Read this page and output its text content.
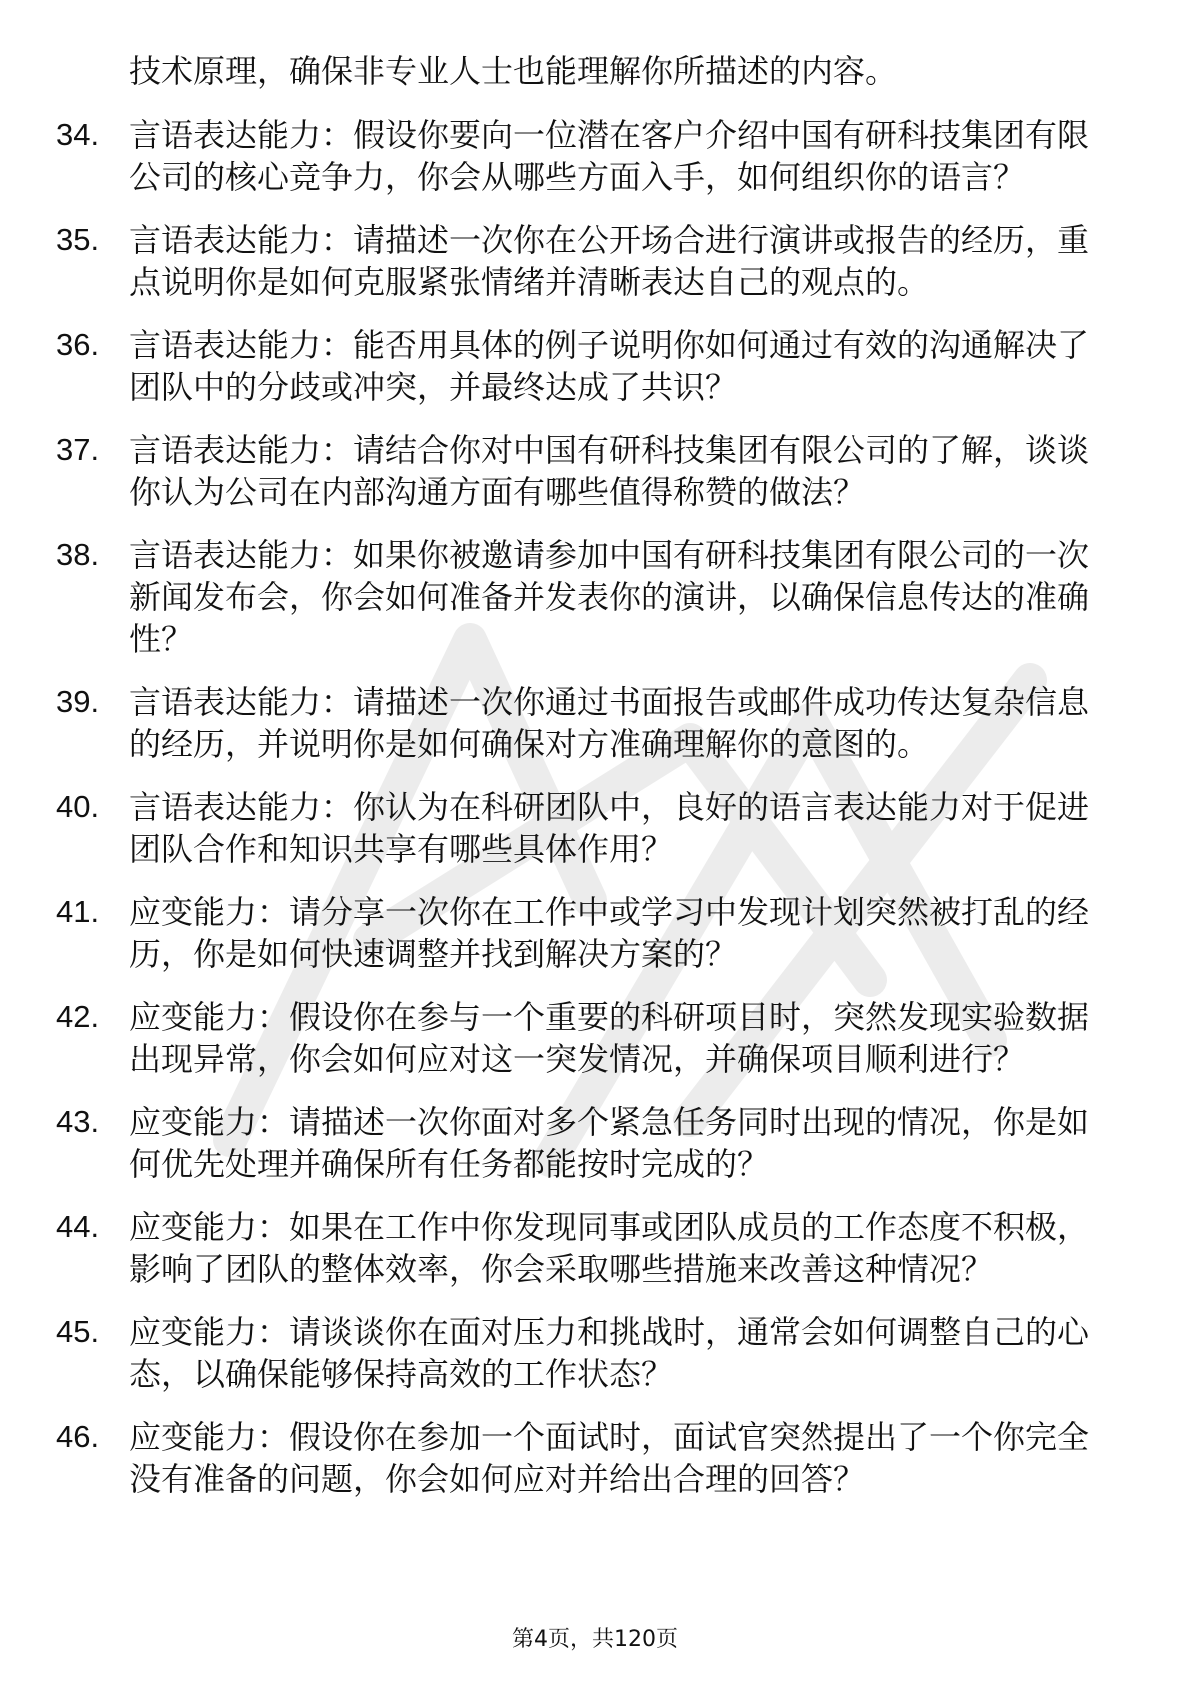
技术原理，确保非专业人士也能理解你所描述的内容。
34. 言语表达能力：假设你要向一位潜在客户介绍中国有研科技集团有限公司的核心竞争力，你会从哪些方面入手，如何组织你的语言？
35. 言语表达能力：请描述一次你在公开场合进行演讲或报告的经历，重点说明你是如何克服紧张情绪并清晰表达自己的观点的。
36. 言语表达能力：能否用具体的例子说明你如何通过有效的沟通解决了团队中的分歧或冲突，并最终达成了共识？
37. 言语表达能力：请结合你对中国有研科技集团有限公司的了解，谈谈你认为公司在内部沟通方面有哪些值得称赞的做法？
38. 言语表达能力：如果你被邀请参加中国有研科技集团有限公司的一次新闻发布会，你会如何准备并发表你的演讲，以确保信息传达的准确性？
39. 言语表达能力：请描述一次你通过书面报告或邮件成功传达复杂信息的经历，并说明你是如何确保对方准确理解你的意图的。
40. 言语表达能力：你认为在科研团队中，良好的语言表达能力对于促进团队合作和知识共享有哪些具体作用？
41. 应变能力：请分享一次你在工作中或学习中发现计划突然被打乱的经历，你是如何快速调整并找到解决方案的？
42. 应变能力：假设你在参与一个重要的科研项目时，突然发现实验数据出现异常，你会如何应对这一突发情况，并确保项目顺利进行？
43. 应变能力：请描述一次你面对多个紧急任务同时出现的情况，你是如何优先处理并确保所有任务都能按时完成的？
44. 应变能力：如果在工作中你发现同事或团队成员的工作态度不积极，影响了团队的整体效率，你会采取哪些措施来改善这种情况？
45. 应变能力：请谈谈你在面对压力和挑战时，通常会如何调整自己的心态，以确保能够保持高效的工作状态？
46. 应变能力：假设你在参加一个面试时，面试官突然提出了一个你完全没有准备的问题，你会如何应对并给出合理的回答？
第4页，共120页
